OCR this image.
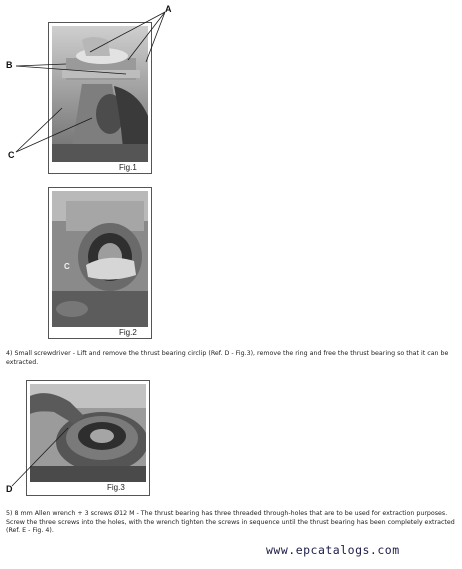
Fig.1
Fig.2
Fig.3
A
B
C
C
D
4) Small screwdriver - Lift and remove the thrust bearing circlip (Ref. D - Fig.3), remove the ring and free the thrust bearing so that it can be extracted.
5) 8 mm Allen wrench + 3 screws Ø12 M - The thrust bearing has three threaded through-holes that are to be used for extraction purposes. Screw the three screws into the holes, with the wrench tighten the screws in sequence until the thrust bearing has been completely extracted (Ref. E - Fig. 4).
www.epcatalogs.com
